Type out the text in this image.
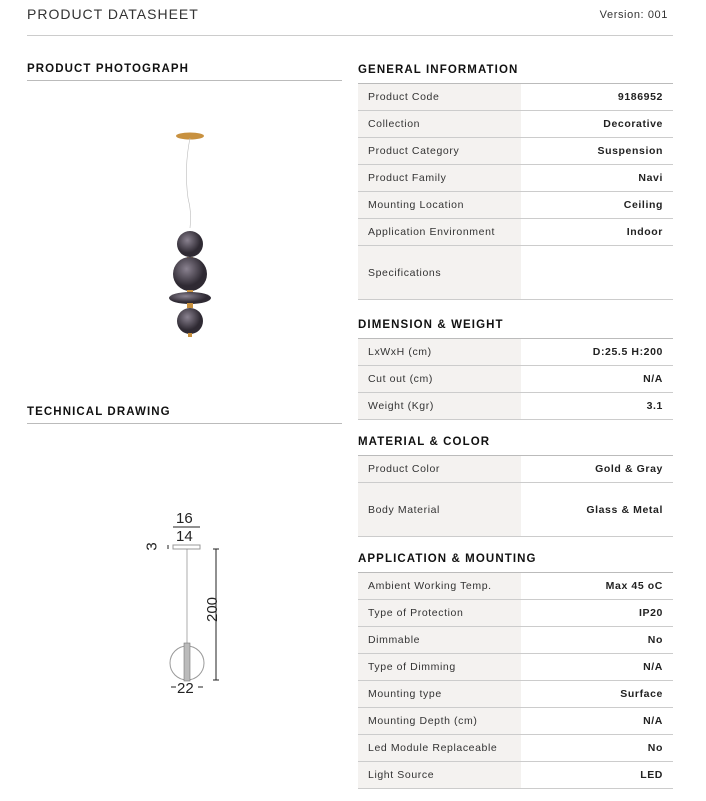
PRODUCT DATASHEET	Version: 001
PRODUCT PHOTOGRAPH
TECHNICAL DRAWING
16
14
3
200
22
GENERAL INFORMATION
Product Code	9186952
Collection	Decorative
Product Category	Suspension
Product Family	Navi
Mounting Location	Ceiling
Application Environment	Indoor
Specifications	
DIMENSION & WEIGHT
LxWxH (cm)	D:25.5 H:200
Cut out (cm)	N/A
Weight (Kgr)	3.1
MATERIAL & COLOR
Product Color	Gold & Gray
Body Material	Glass & Metal
APPLICATION & MOUNTING
Ambient Working Temp.	Max 45 oC
Type of Protection	IP20
Dimmable	No
Type of Dimming	N/A
Mounting type	Surface
Mounting Depth (cm)	N/A
Led Module Replaceable	No
Light Source	LED
